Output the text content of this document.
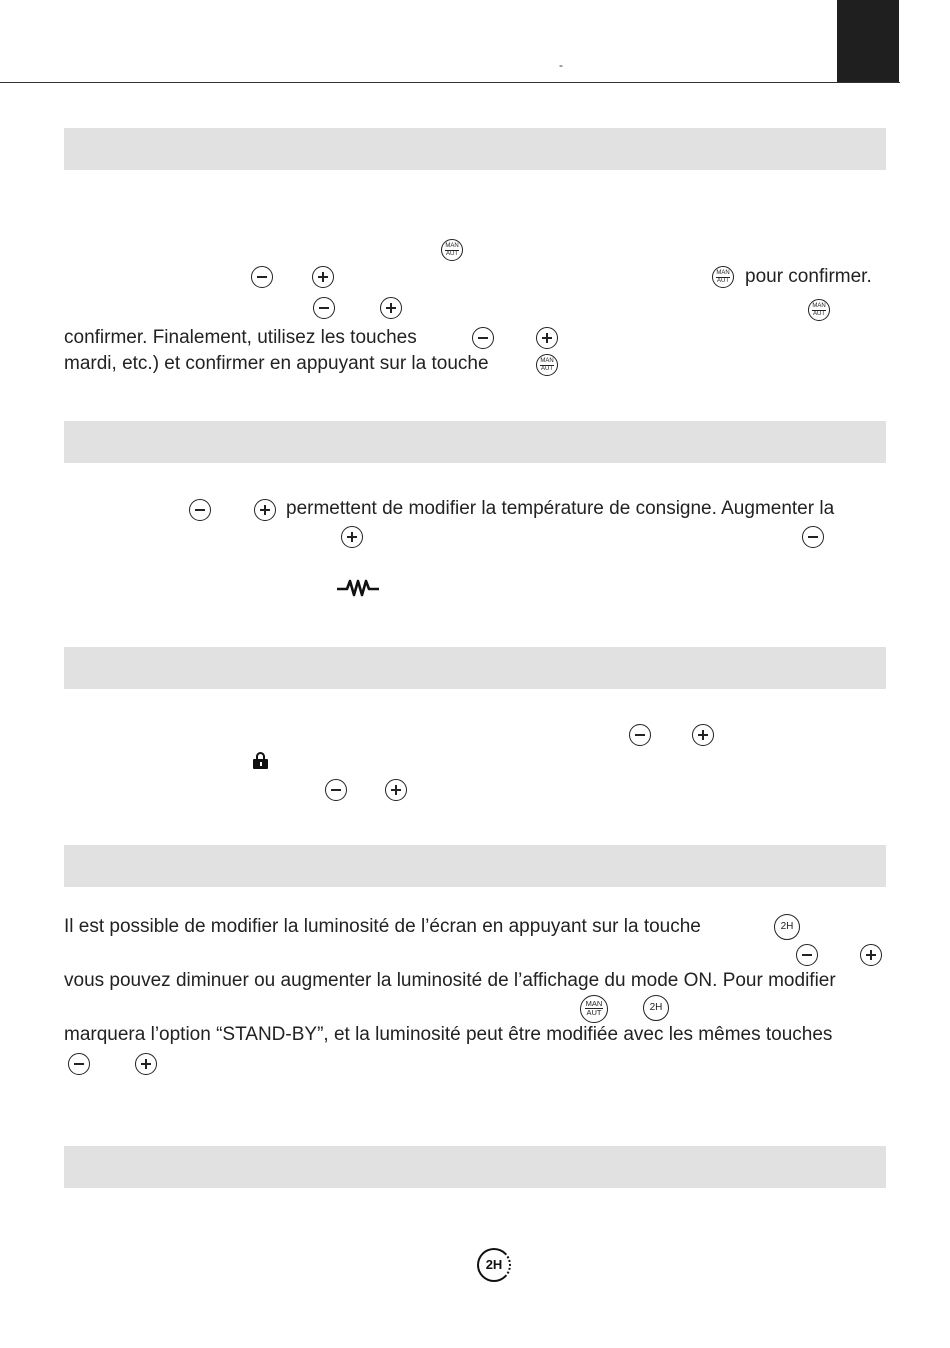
-
MAN
AUT
MAN
AUT pour confirmer.
MAN
AUT
confirmer. Finalement, utilisez les touches
mardi, etc.) et confirmer en appuyant sur la touche	MAN
AUT
permettent de modifier la température de consigne. Augmenter la
Il est possible de modifier la luminosité de l’écran en appuyant sur la touche	2H
vous pouvez diminuer ou augmenter la luminosité de l’affichage du mode ON. Pour modifier
MAN
AUT	2H
marquera l’option “STAND-BY”, et la luminosité peut être modifiée avec les mêmes touches
2H
